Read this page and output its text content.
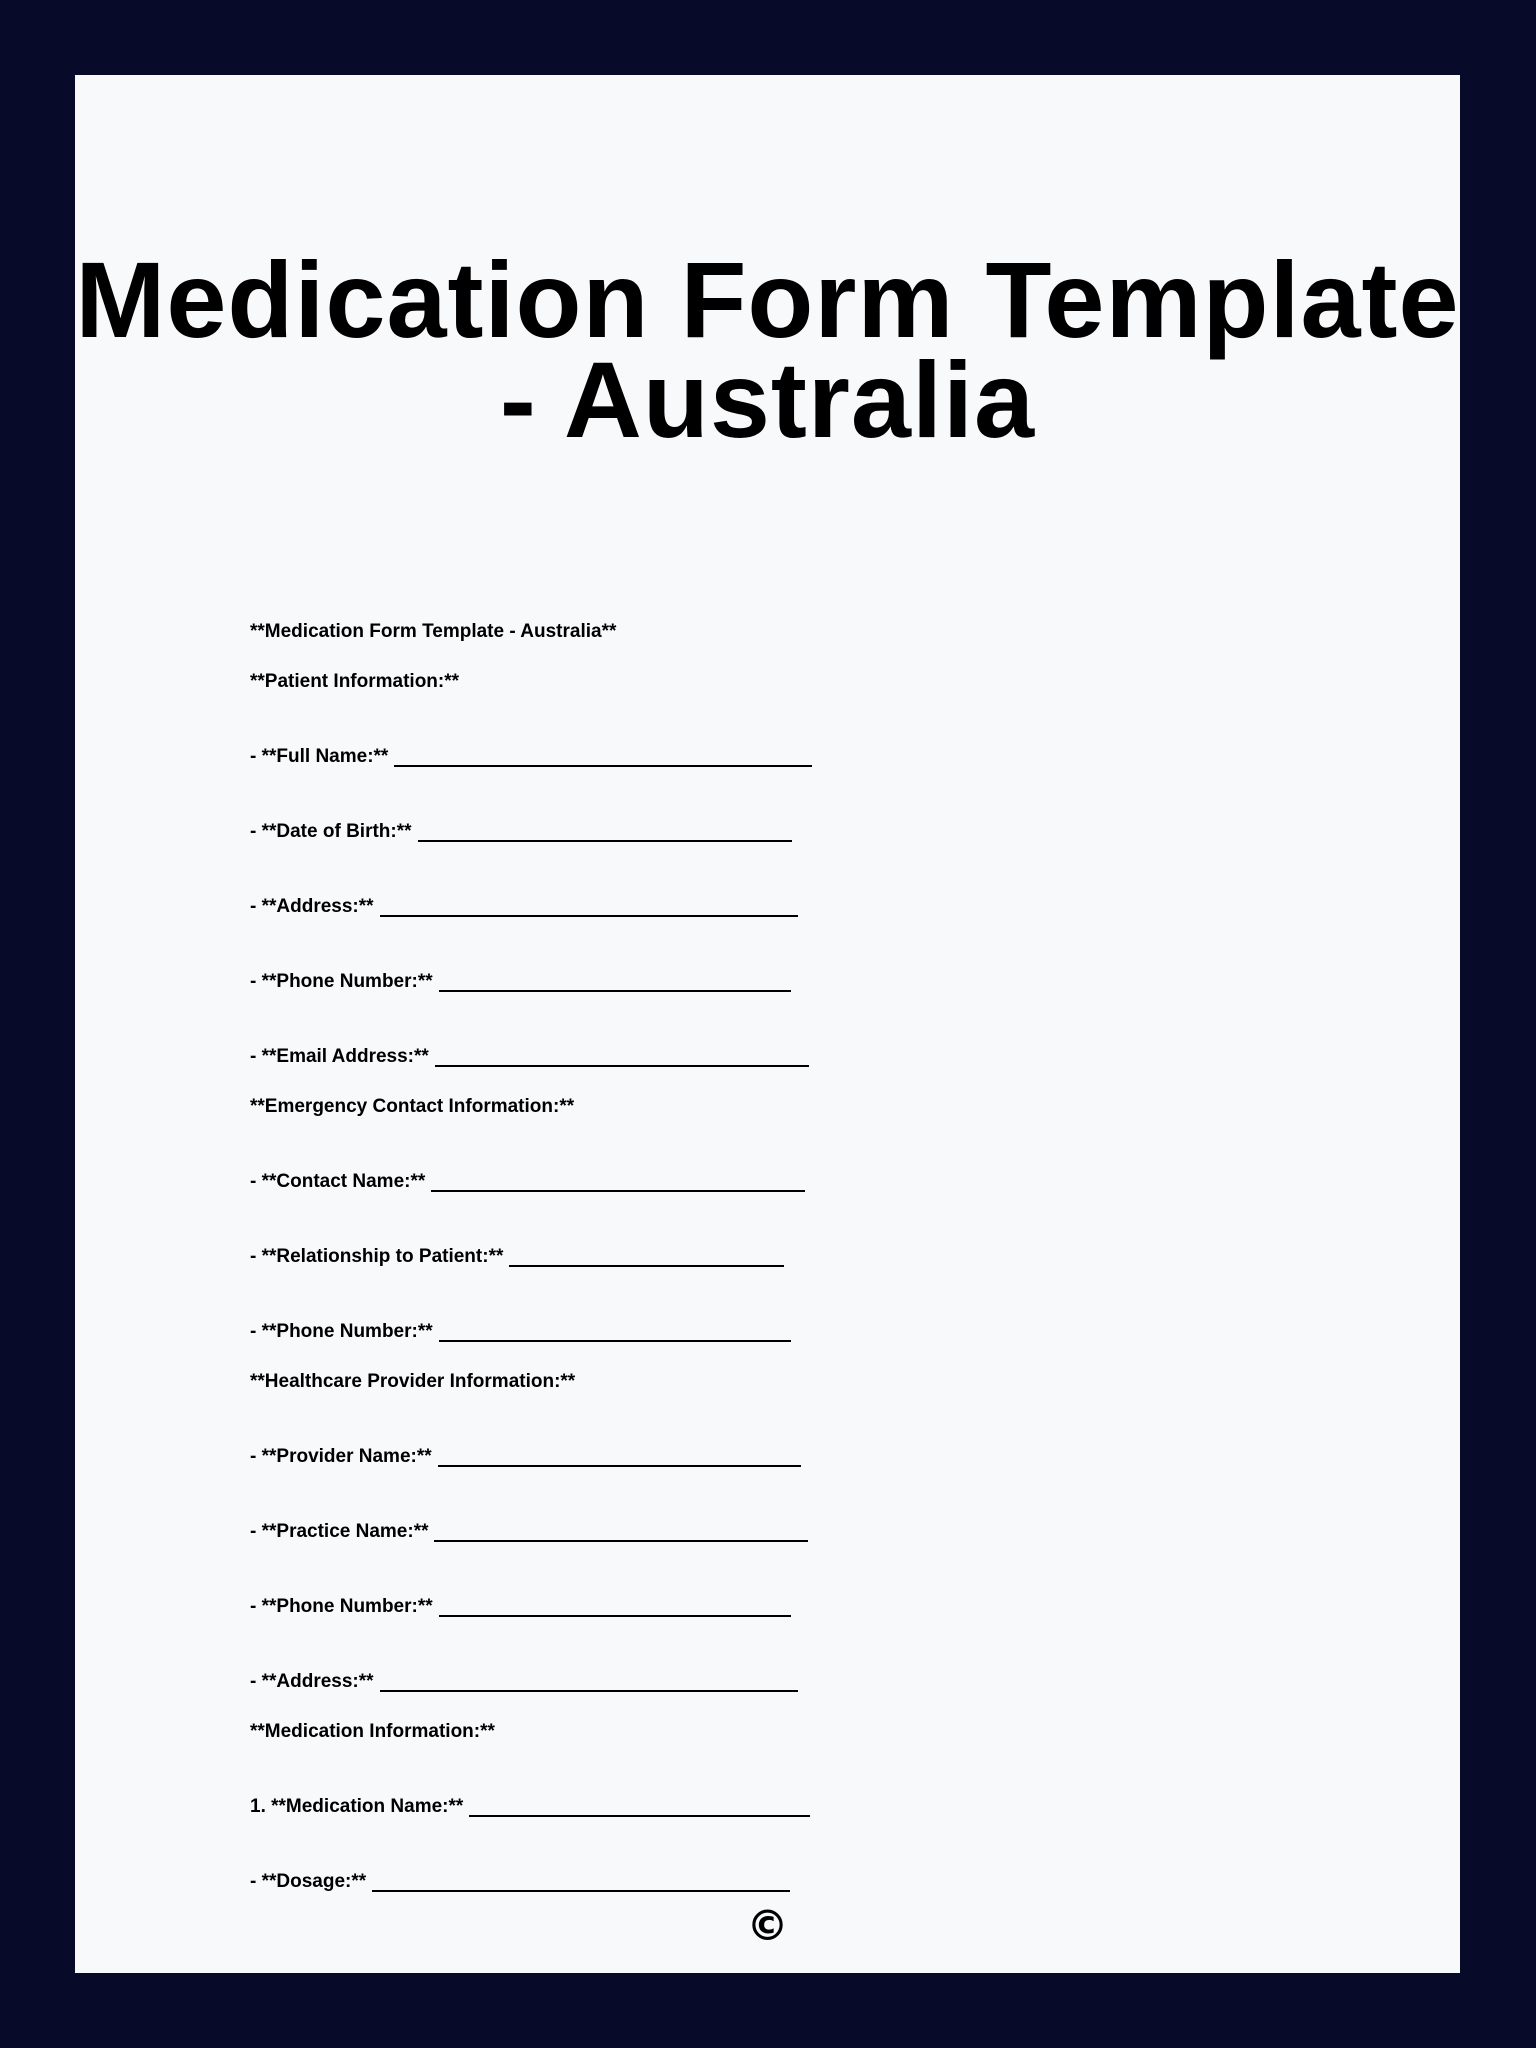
Medication Form Template - Australia
**Medication Form Template - Australia**
**Patient Information:**
- **Full Name:**
- **Date of Birth:**
- **Address:**
- **Phone Number:**
- **Email Address:**
**Emergency Contact Information:**
- **Contact Name:**
- **Relationship to Patient:**
- **Phone Number:**
**Healthcare Provider Information:**
- **Provider Name:**
- **Practice Name:**
- **Phone Number:**
- **Address:**
**Medication Information:**
1. **Medication Name:**
- **Dosage:**
©
